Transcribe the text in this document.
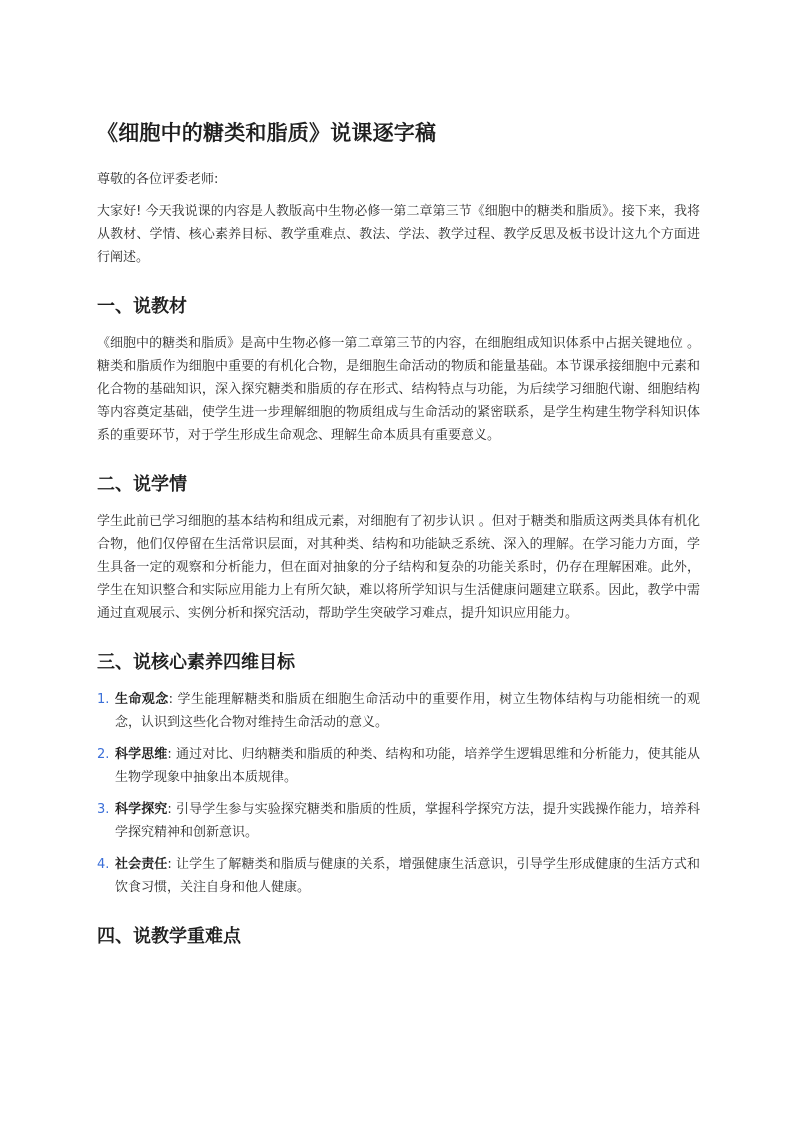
《细胞中的糖类和脂质》说课逐字稿

尊敬的各位评委老师:

大家好! 今天我说课的内容是人教版高中生物必修一第二章第三节《细胞中的糖类和脂质》。接下来，我将从教材、学情、核心素养目标、教学重难点、教法、学法、教学过程、教学反思及板书设计这九个方面进行阐述。

一、说教材

《细胞中的糖类和脂质》是高中生物必修一第二章第三节的内容，在细胞组成知识体系中占据关键地位 。糖类和脂质作为细胞中重要的有机化合物，是细胞生命活动的物质和能量基础。本节课承接细胞中元素和化合物的基础知识，深入探究糖类和脂质的存在形式、结构特点与功能，为后续学习细胞代谢、细胞结构等内容奠定基础，使学生进一步理解细胞的物质组成与生命活动的紧密联系，是学生构建生物学科知识体系的重要环节，对于学生形成生命观念、理解生命本质具有重要意义。

二、说学情

学生此前已学习细胞的基本结构和组成元素，对细胞有了初步认识 。但对于糖类和脂质这两类具体有机化合物，他们仅停留在生活常识层面，对其种类、结构和功能缺乏系统、深入的理解。在学习能力方面，学生具备一定的观察和分析能力，但在面对抽象的分子结构和复杂的功能关系时，仍存在理解困难。此外，学生在知识整合和实际应用能力上有所欠缺，难以将所学知识与生活健康问题建立联系。因此，教学中需通过直观展示、实例分析和探究活动，帮助学生突破学习难点，提升知识应用能力。

三、说核心素养四维目标
1. 生命观念: 学生能理解糖类和脂质在细胞生命活动中的重要作用，树立生物体结构与功能相统一的观念，认识到这些化合物对维持生命活动的意义。
2. 科学思维: 通过对比、归纳糖类和脂质的种类、结构和功能，培养学生逻辑思维和分析能力，使其能从生物学现象中抽象出本质规律。
3. 科学探究: 引导学生参与实验探究糖类和脂质的性质，掌握科学探究方法，提升实践操作能力，培养科学探究精神和创新意识。
4. 社会责任: 让学生了解糖类和脂质与健康的关系，增强健康生活意识，引导学生形成健康的生活方式和饮食习惯，关注自身和他人健康。
四、说教学重难点
